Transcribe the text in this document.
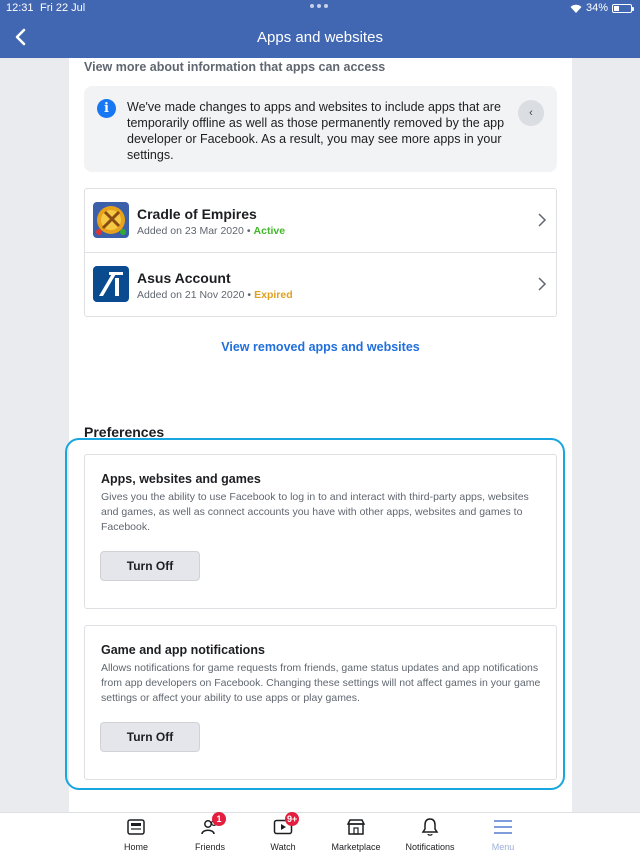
12:31 Fri 22 Jul	34%
Apps and websites
View more about information that apps can access
i	We've made changes to apps and websites to include apps that are temporarily offline as well as those permanently removed by the app developer or Facebook. As a result, you may see more apps in your settings.
‹
Cradle of Empires
Added on 23 Mar 2020 • Active
Asus Account
Added on 21 Nov 2020 • Expired
View removed apps and websites
Preferences
Apps, websites and games

Gives you the ability to use Facebook to log in to and interact with third-party apps, websites and games, as well as connect accounts you have with other apps, websites and games to Facebook.

Turn Off
Game and app notifications

Allows notifications for game requests from friends, game status updates and app notifications from app developers on Facebook. Changing these settings will not affect games in your game settings or affect your ability to use apps or play games.

Turn Off
Home
1
Friends
9+
Watch	Marketplace	Notifications	Menu
